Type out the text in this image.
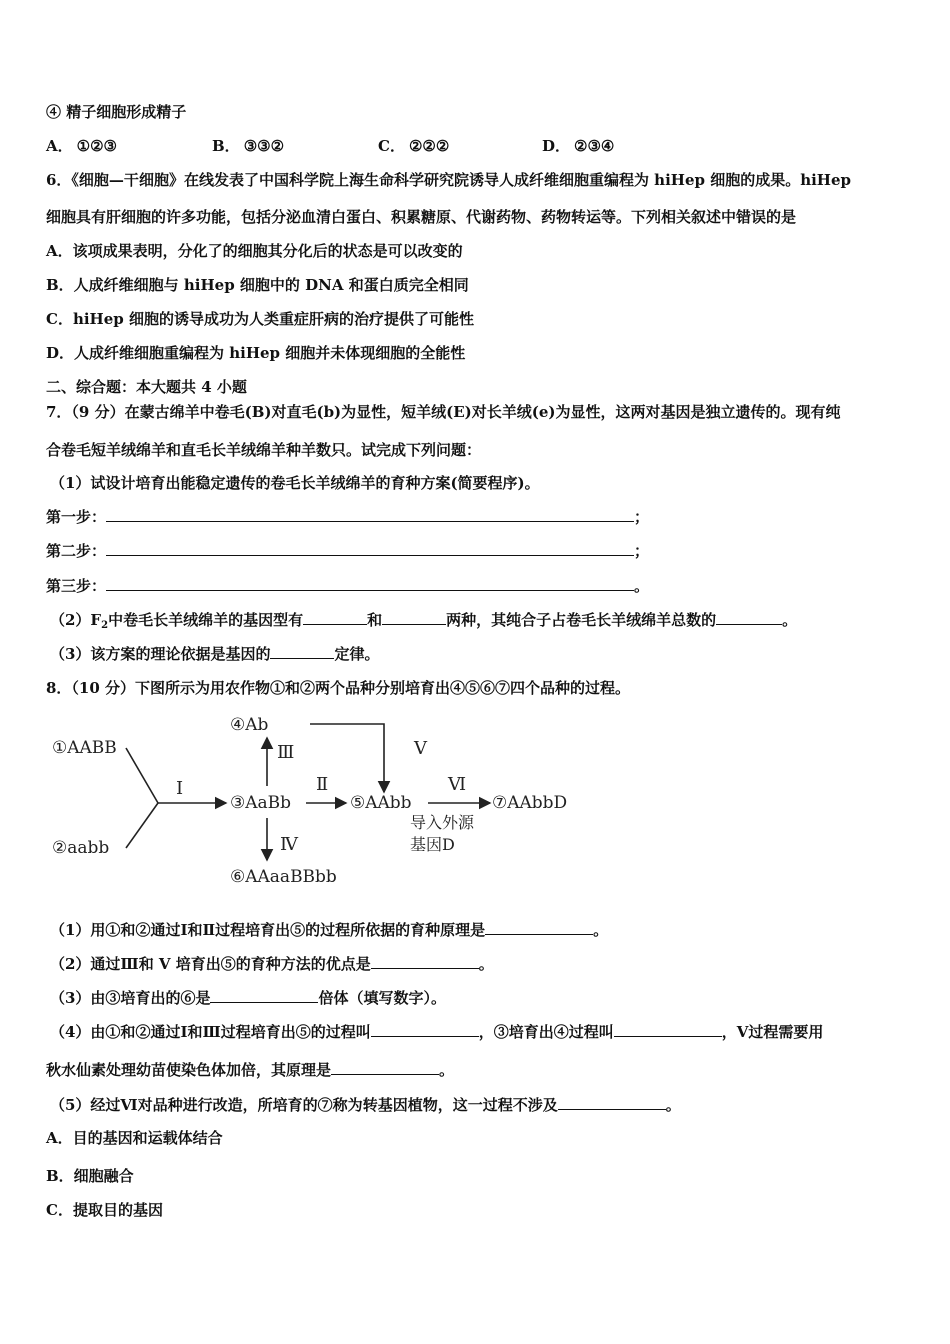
④ 精子细胞形成精子
A． ①②③	B． ③③②	C． ②②②	D． ②③④
6．《细胞—干细胞》在线发表了中国科学院上海生命科学研究院诱导人成纤维细胞重编程为 hiHep 细胞的成果。hiHep
细胞具有肝细胞的许多功能，包括分泌血清白蛋白、积累糖原、代谢药物、药物转运等。下列相关叙述中错误的是
A．该项成果表明，分化了的细胞其分化后的状态是可以改变的
B．人成纤维细胞与 hiHep 细胞中的 DNA 和蛋白质完全相同
C．hiHep 细胞的诱导成功为人类重症肝病的治疗提供了可能性
D．人成纤维细胞重编程为 hiHep 细胞并未体现细胞的全能性
二、综合题：本大题共 4 小题
7．（9 分）在蒙古绵羊中卷毛(B)对直毛(b)为显性，短羊绒(E)对长羊绒(e)为显性，这两对基因是独立遗传的。现有纯
合卷毛短羊绒绵羊和直毛长羊绒绵羊种羊数只。试完成下列问题：
（1）试设计培育出能稳定遗传的卷毛长羊绒绵羊的育种方案(简要程序)。
第一步：	；
第二步：	；
第三步：	。
$(2)F_2$中卷毛长羊绒绵羊的基因型有	和	两种，其纯合子占卷毛长羊绒绵羊总数的	。
（3）该方案的理论依据是基因的	定律。
8．（10 分）下图所示为用农作物①和②两个品种分别培育出④⑤⑥⑦四个品种的过程。
①AABB
②aabb
③AaBb
④Ab
⑤AAbb
⑥AAaaBBbb
⑦AAbbD
Ⅰ	Ⅱ
Ⅲ
Ⅳ
Ⅴ
Ⅵ
导入外源
基因D
（1）用①和②通过Ⅰ和Ⅱ过程培育出⑤的过程所依据的育种原理是	。
（2）通过Ⅲ和 V 培育出⑤的育种方法的优点是	。
（3）由③培育出的⑥是	倍体（填写数字）。
（4）由①和②通过Ⅰ和Ⅲ过程培育出⑤的过程叫	，③培育出④过程叫	，Ⅴ过程需要用
秋水仙素处理幼苗使染色体加倍，其原理是	。
（5）经过Ⅵ对品种进行改造，所培育的⑦称为转基因植物，这一过程不涉及	。
A．目的基因和运载体结合
B．细胞融合
C．提取目的基因
